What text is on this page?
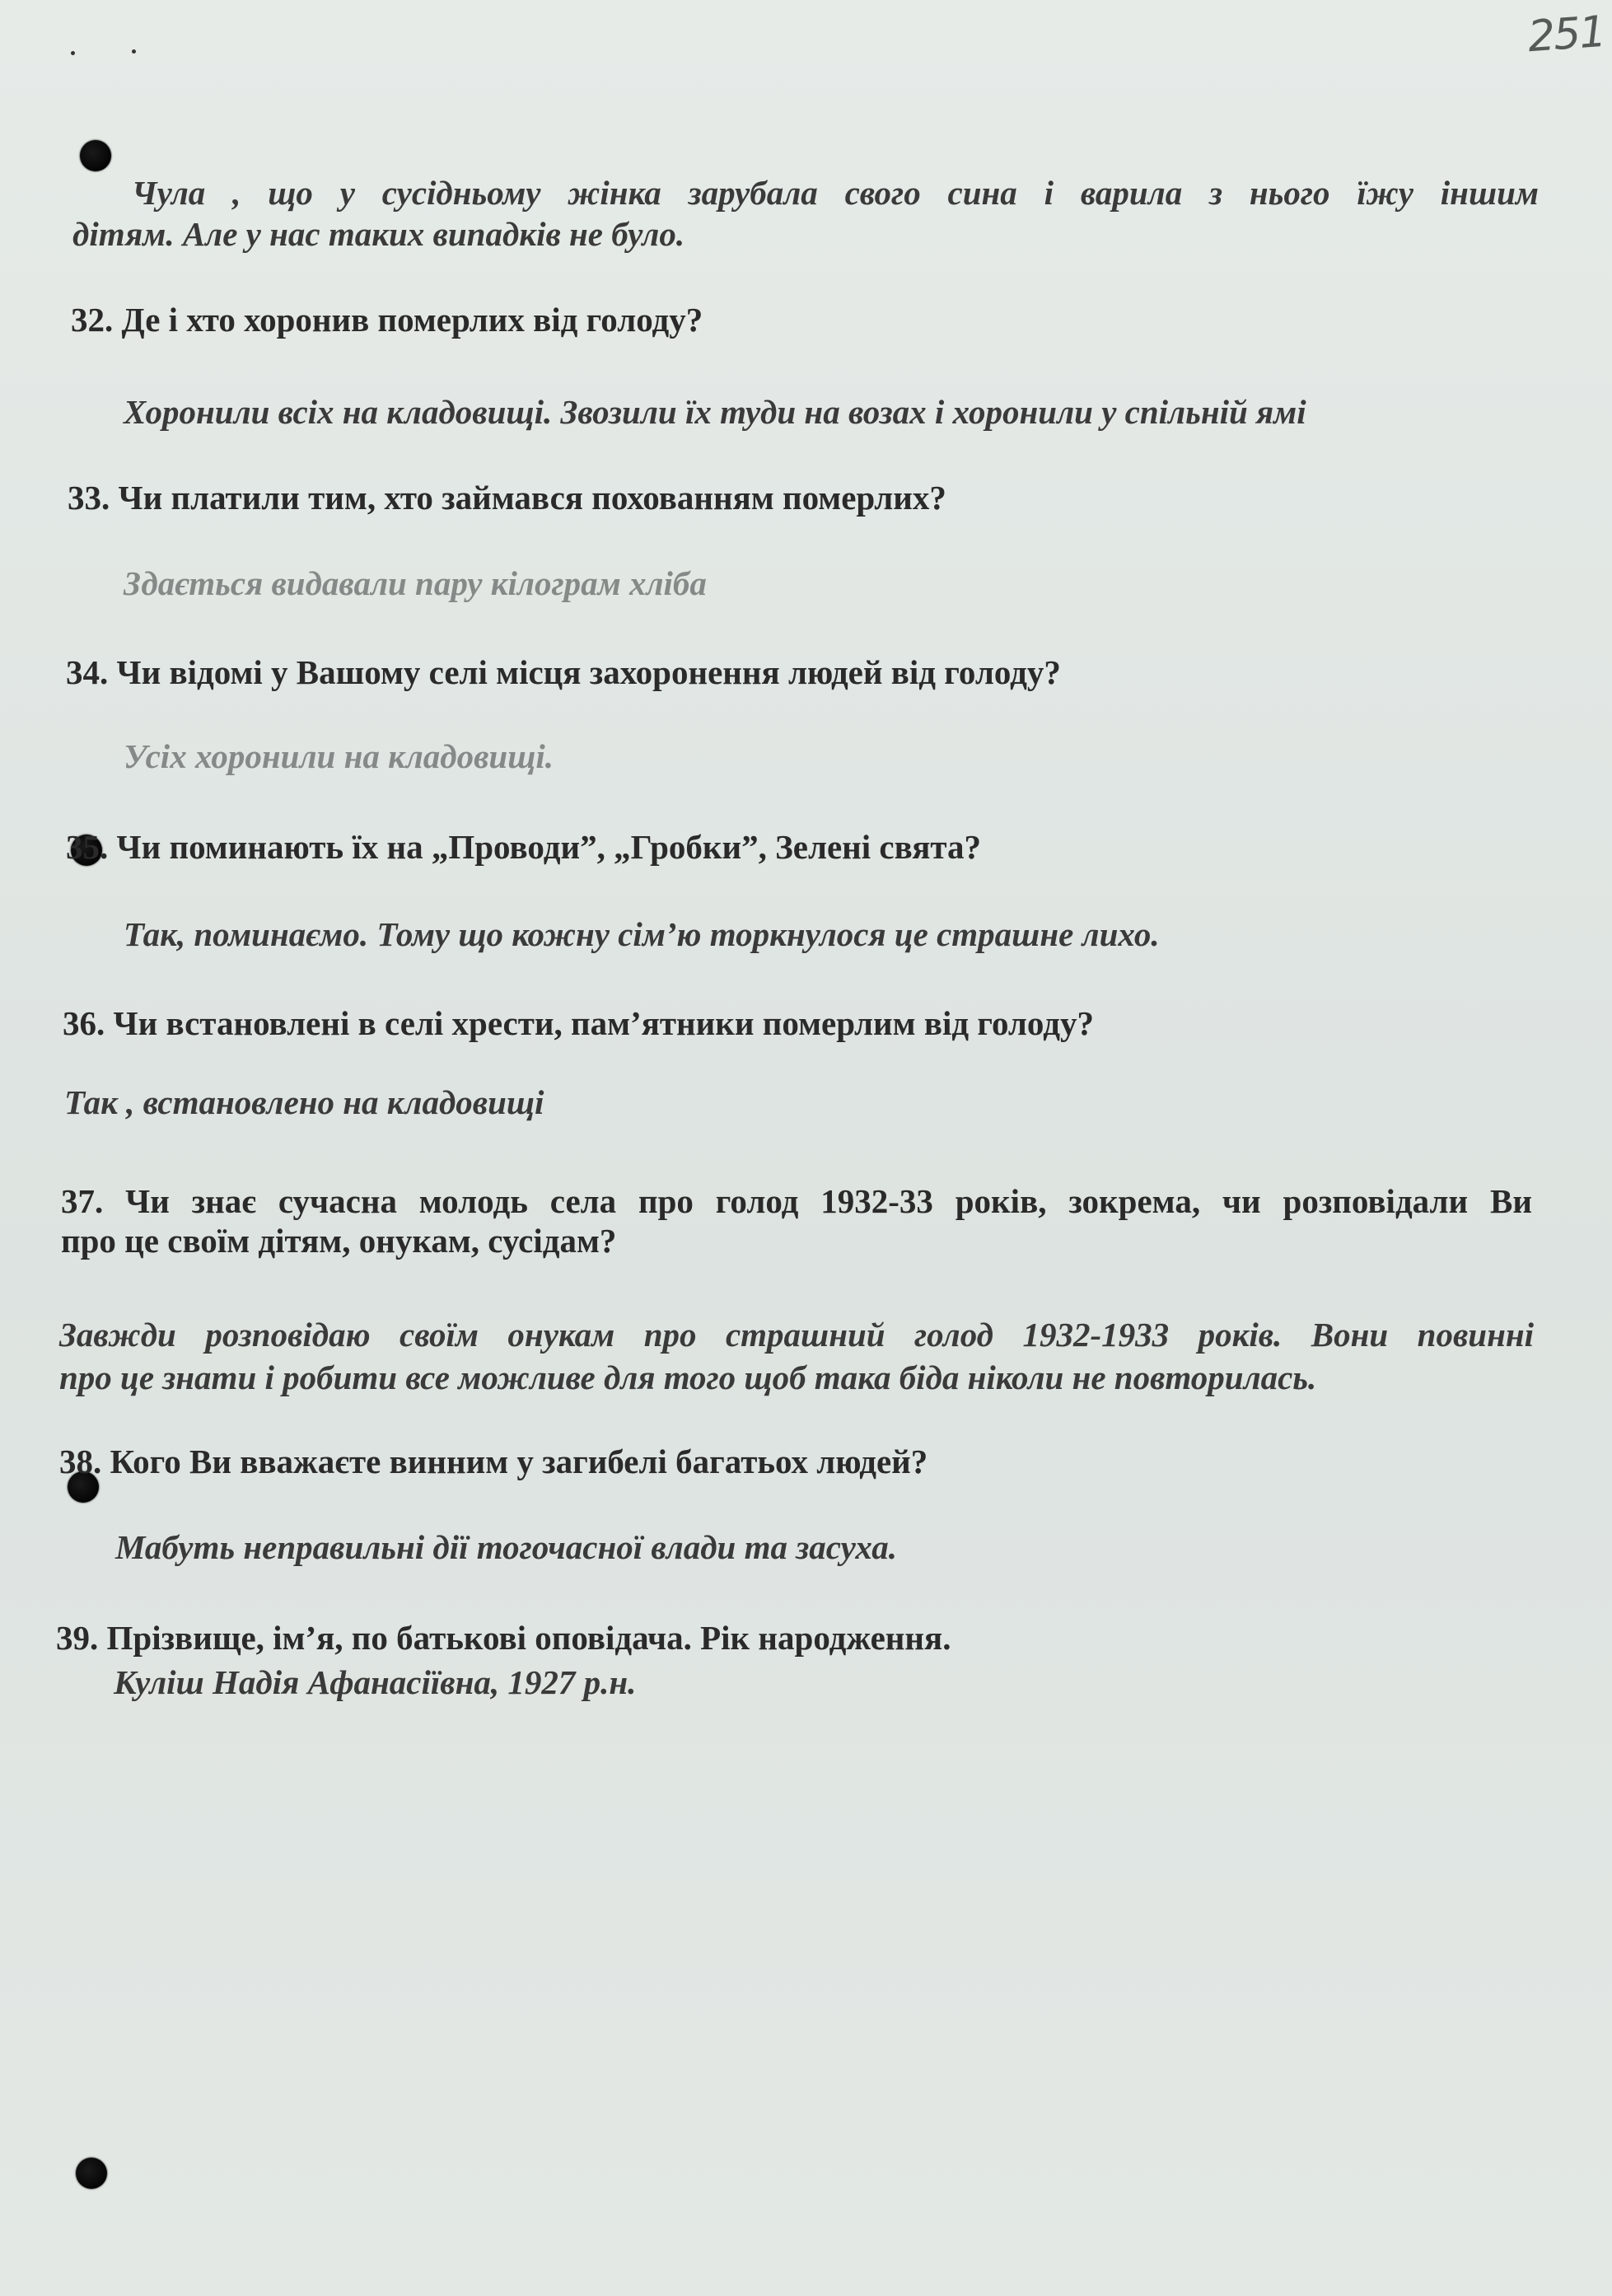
251
Чула , що у сусідньому жінка зарубала свого сина і варила з нього їжу іншим
дітям. Але у нас таких випадків не було.
32. Де і хто хоронив померлих від голоду?
Хоронили всіх на кладовищі. Звозили їх туди на возах і хоронили у спільній ямі
33. Чи платили тим, хто займався похованням померлих?
Здається видавали пару кілограм хліба
34. Чи відомі у Вашому селі місця захоронення людей від голоду?
Усіх хоронили на кладовищі.
35. Чи поминають їх на „Проводи”, „Гробки”, Зелені свята?
Так, поминаємо. Тому що кожну сім’ю торкнулося це страшне лихо.
36. Чи встановлені в селі хрести, пам’ятники померлим від голоду?
Так , встановлено на кладовищі
37. Чи знає сучасна молодь села про голод 1932-33 років, зокрема, чи розповідали Ви
про це своїм дітям, онукам, сусідам?
Завжди розповідаю своїм онукам про страшний голод 1932-1933 років. Вони повинні
про це знати і робити все можливе для того щоб така біда ніколи не повторилась.
38. Кого Ви вважаєте винним у загибелі багатьох людей?
Мабуть неправильні дії тогочасної влади та засуха.
39. Прізвище, ім’я, по батькові оповідача. Рік народження.
Куліш Надія Афанасіївна, 1927 р.н.
